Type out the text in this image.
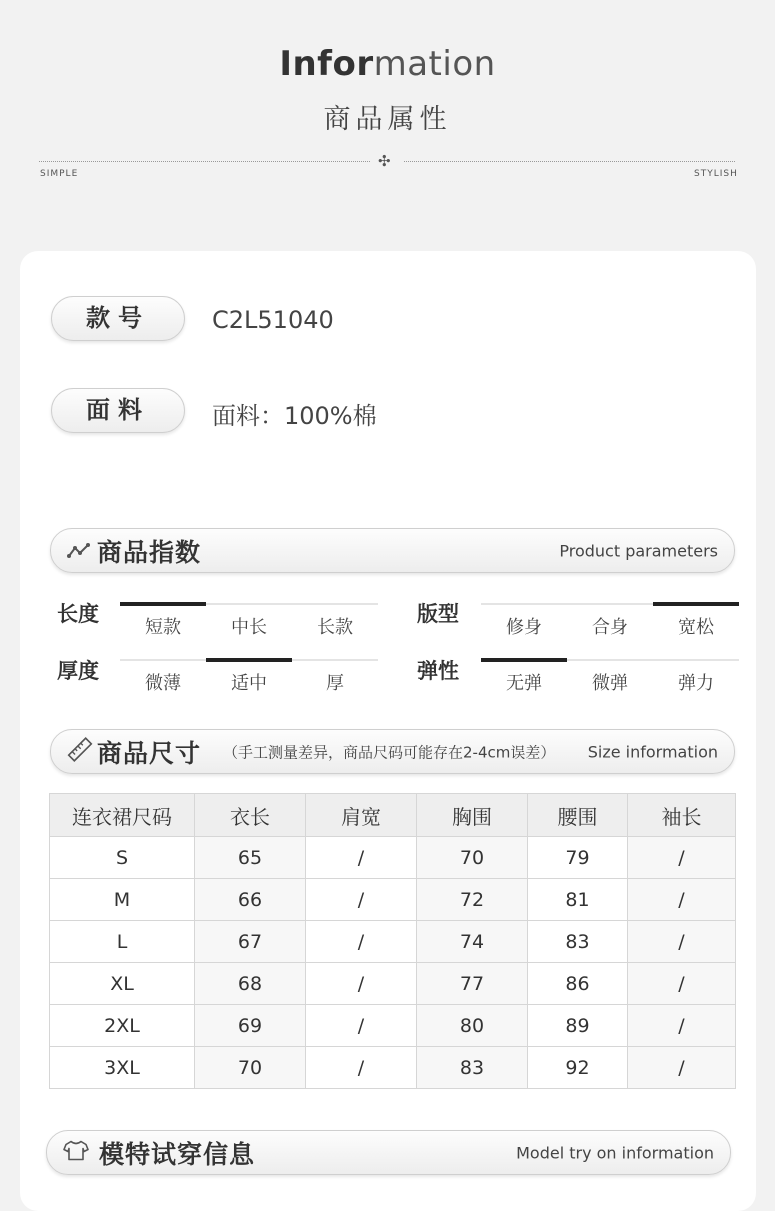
Information
商品属性
✣
SIMPLE	STYLISH
款号	C2L51040
面料	面料：100%棉
商品指数	Product parameters
长度
短款	中长	长款
版型
修身	合身	宽松
厚度
微薄	适中	厚
弹性
无弹	微弹	弹力
商品尺寸 （手工测量差异，商品尺码可能存在2-4cm误差） Size information
连衣裙尺码	衣长	肩宽	胸围	腰围	袖长
S	65	/	70	79	/
M	66	/	72	81	/
L	67	/	74	83	/
XL	68	/	77	86	/
2XL	69	/	80	89	/
3XL	70	/	83	92	/
模特试穿信息	Model try on information
